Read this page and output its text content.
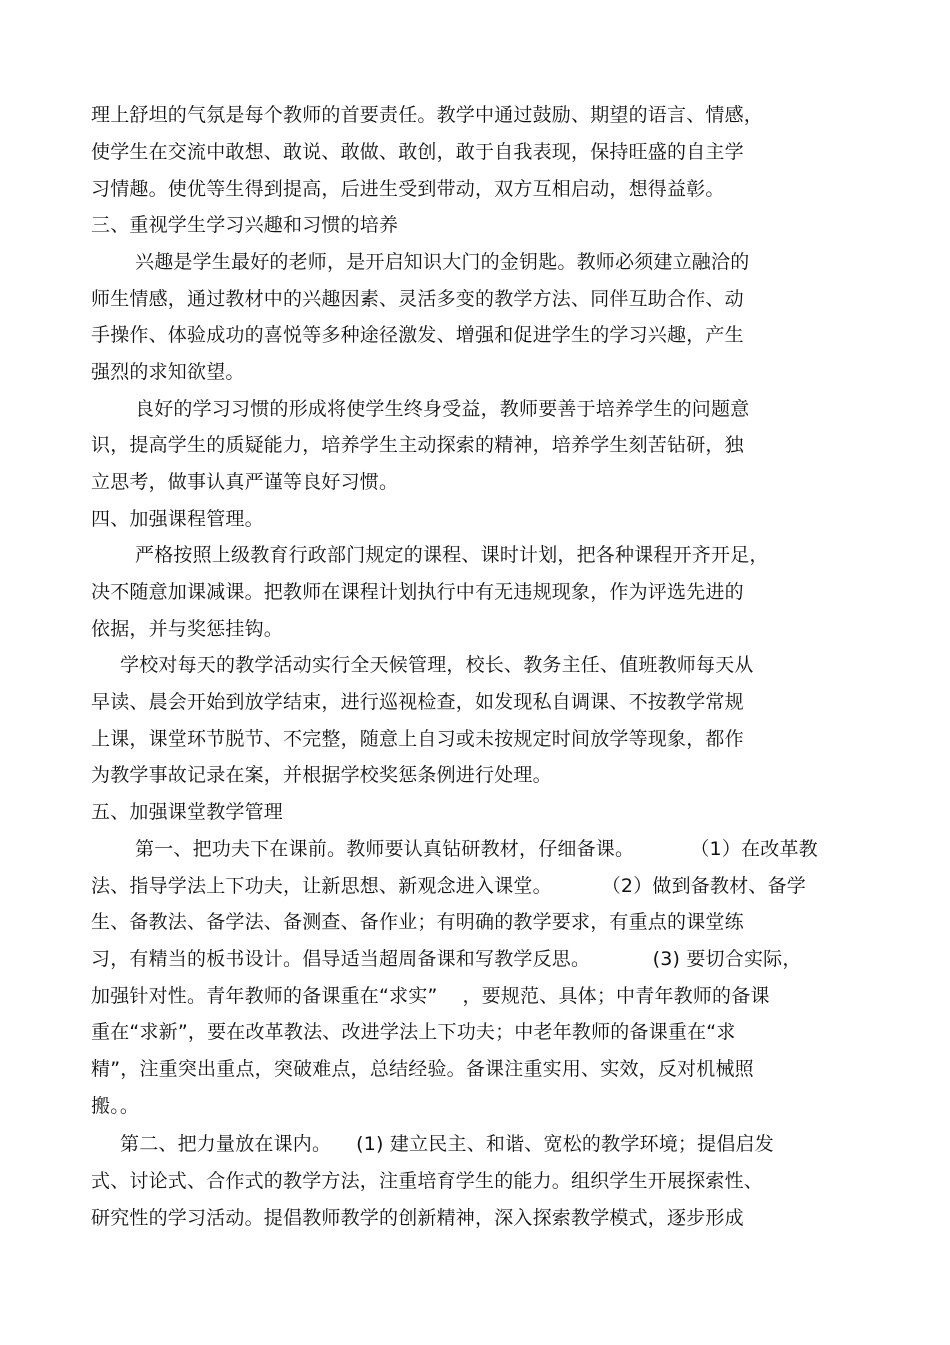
理上舒坦的气氛是每个教师的首要责任。教学中通过鼓励、期望的语言、情感，
使学生在交流中敢想、敢说、敢做、敢创，敢于自我表现，保持旺盛的自主学
习情趣。使优等生得到提高，后进生受到带动，双方互相启动，想得益彰。
三、重视学生学习兴趣和习惯的培养
兴趣是学生最好的老师，是开启知识大门的金钥匙。教师必须建立融洽的
师生情感，通过教材中的兴趣因素、灵活多变的教学方法、同伴互助合作、动
手操作、体验成功的喜悦等多种途径激发、增强和促进学生的学习兴趣，产生
强烈的求知欲望。
良好的学习习惯的形成将使学生终身受益，教师要善于培养学生的问题意
识，提高学生的质疑能力，培养学生主动探索的精神，培养学生刻苦钻研，独
立思考，做事认真严谨等良好习惯。
四、加强课程管理。
严格按照上级教育行政部门规定的课程、课时计划，把各种课程开齐开足，
决不随意加课减课。把教师在课程计划执行中有无违规现象，作为评选先进的
依据，并与奖惩挂钩。
学校对每天的教学活动实行全天候管理，校长、教务主任、值班教师每天从
早读、晨会开始到放学结束，进行巡视检查，如发现私自调课、不按教学常规
上课，课堂环节脱节、不完整，随意上自习或未按规定时间放学等现象，都作
为教学事故记录在案，并根据学校奖惩条例进行处理。
五、加强课堂教学管理
第一、把功夫下在课前。教师要认真钻研教材，仔细备课。         （1）在改革教
法、指导学法上下功夫，让新思想、新观念进入课堂。        （2）做到备教材、备学
生、备教法、备学法、备测查、备作业；有明确的教学要求，有重点的课堂练
习，有精当的板书设计。倡导适当超周备课和写教学反思。          (3) 要切合实际，
加强针对性。青年教师的备课重在“求实”    ，要规范、具体；中青年教师的备课
重在“求新”，要在改革教法、改进学法上下功夫；中老年教师的备课重在“求
精”，注重突出重点，突破难点，总结经验。备课注重实用、实效，反对机械照
搬。。
第二、把力量放在课内。    (1) 建立民主、和谐、宽松的教学环境；提倡启发
式、讨论式、合作式的教学方法，注重培育学生的能力。组织学生开展探索性、
研究性的学习活动。提倡教师教学的创新精神，深入探索教学模式，逐步形成
